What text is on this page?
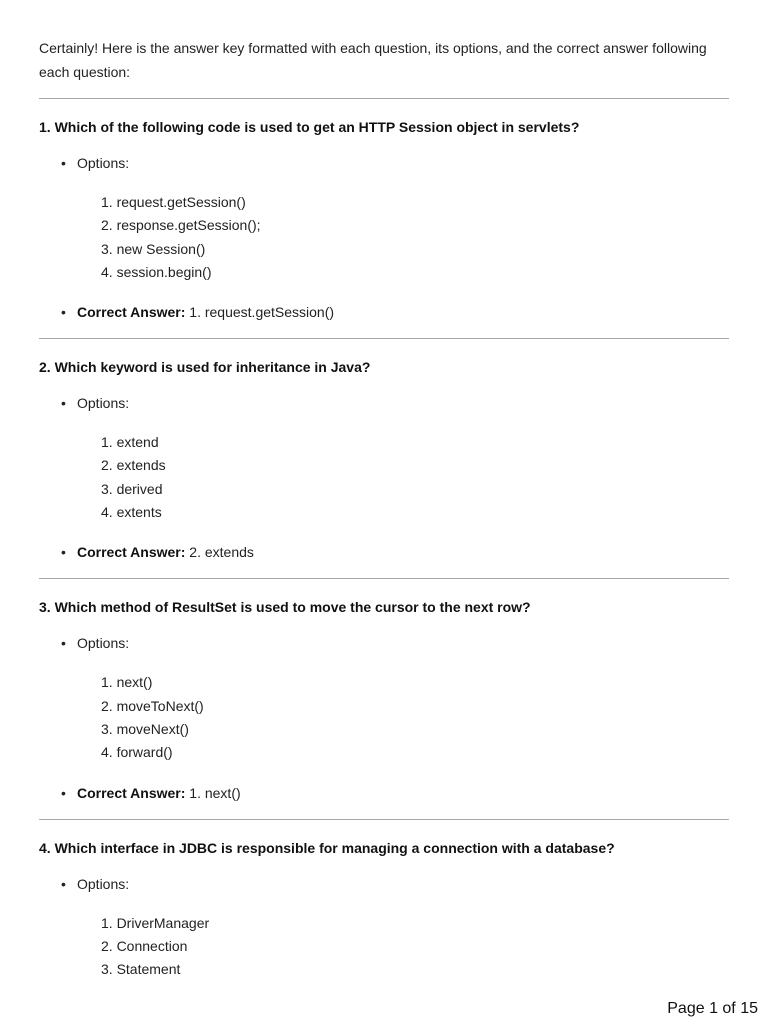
Certainly! Here is the answer key formatted with each question, its options, and the correct answer following each question:

1. Which of the following code is used to get an HTTP Session object in servlets?

• Options:
1. request.getSession()
2. response.getSession();
3. new Session()
4. session.begin()
• Correct Answer: 1. request.getSession()

2. Which keyword is used for inheritance in Java?

• Options:
1. extend
2. extends
3. derived
4. extents
• Correct Answer: 2. extends

3. Which method of ResultSet is used to move the cursor to the next row?

• Options:
1. next()
2. moveToNext()
3. moveNext()
4. forward()
• Correct Answer: 1. next()

4. Which interface in JDBC is responsible for managing a connection with a database?

• Options:
1. DriverManager
2. Connection
3. Statement
Page 1 of 15
